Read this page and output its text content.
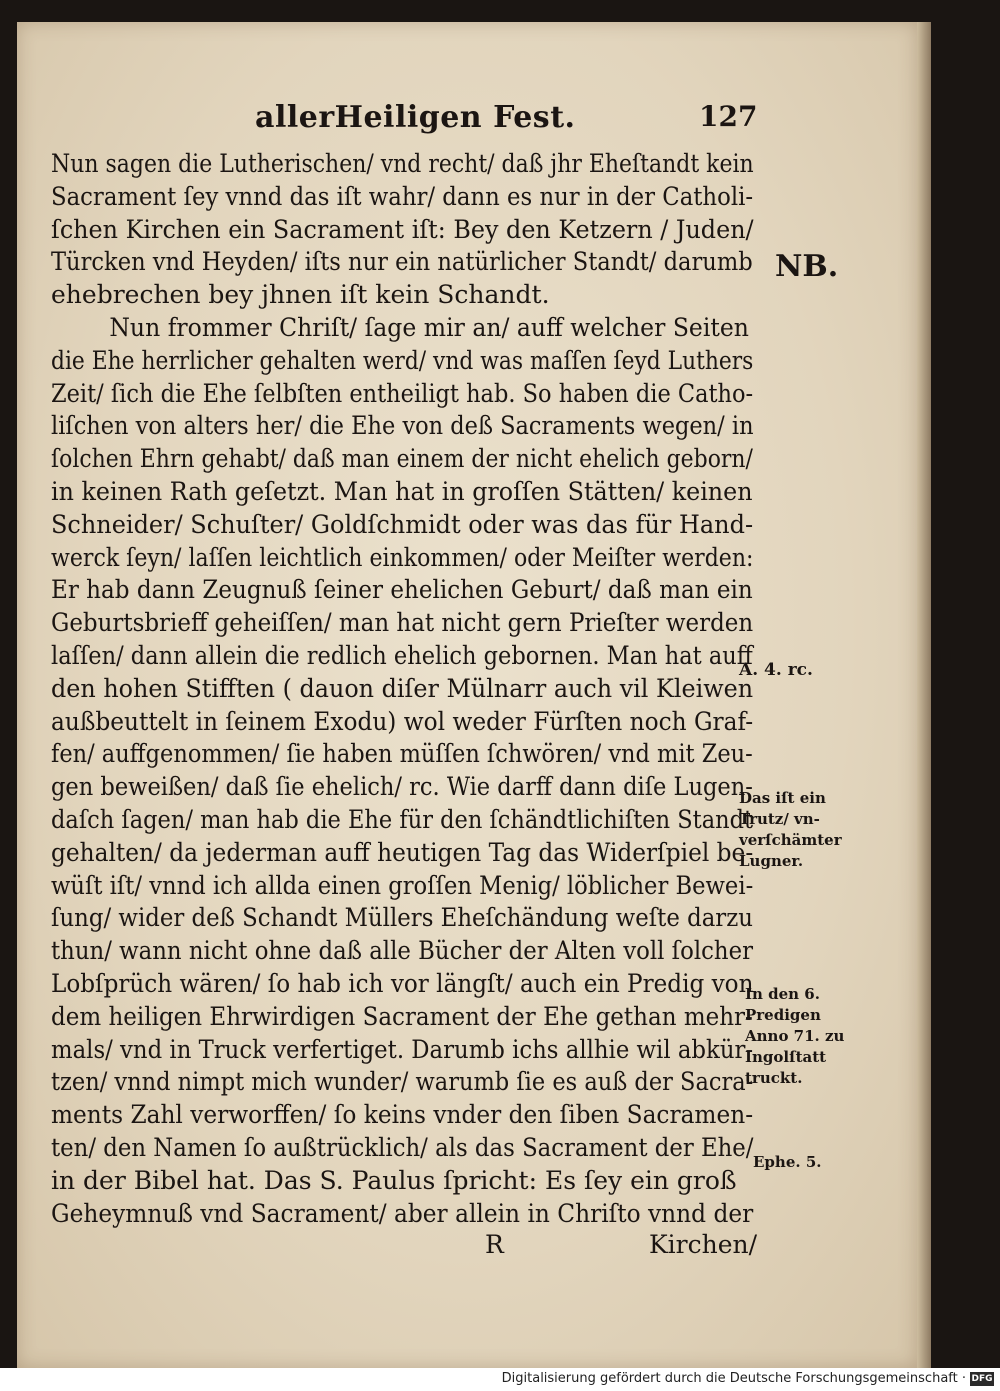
allerHeiligen Fest.	127
Nun sagen die Lutherischen/ vnd recht/ daß jhr Eheſtandt kein
Sacrament ſey vnnd das iſt wahr/ dann es nur in der Catholi-
ſchen Kirchen ein Sacrament iſt: Bey den Ketzern / Juden/
Türcken vnd Heyden/ iſts nur ein natürlicher Standt/ darumb
ehebrechen bey jhnen iſt kein Schandt.
Nun frommer Chriſt/ ſage mir an/ auff welcher Seiten
die Ehe herrlicher gehalten werd/ vnd was maſſen ſeyd Luthers
Zeit/ ſich die Ehe ſelbſten entheiligt hab. So haben die Catho-
liſchen von alters her/ die Ehe von deß Sacraments wegen/ in
ſolchen Ehrn gehabt/ daß man einem der nicht ehelich geborn/
in keinen Rath geſetzt. Man hat in groſſen Stätten/ keinen
Schneider/ Schuſter/ Goldſchmidt oder was das für Hand-
werck ſeyn/ laſſen leichtlich einkommen/ oder Meiſter werden:
Er hab dann Zeugnuß ſeiner ehelichen Geburt/ daß man ein
Geburtsbrieff geheiſſen/ man hat nicht gern Prieſter werden
laſſen/ dann allein die redlich ehelich gebornen. Man hat auff
den hohen Stifften ( dauon diſer Mülnarr auch vil Kleiwen
außbeuttelt in ſeinem Exodu) wol weder Fürſten noch Graf-
fen/ auffgenommen/ ſie haben müſſen ſchwören/ vnd mit Zeu-
gen beweißen/ daß ſie ehelich/ rc. Wie darff dann diſe Lugen-
daſch ſagen/ man hab die Ehe für den ſchändtlichiſten Standt
gehalten/ da jederman auff heutigen Tag das Widerſpiel be-
wüſt iſt/ vnnd ich allda einen groſſen Menig/ löblicher Bewei-
ſung/ wider deß Schandt Müllers Eheſchändung weſte darzu
thun/ wann nicht ohne daß alle Bücher der Alten voll ſolcher
Lobſprüch wären/ ſo hab ich vor längſt/ auch ein Predig von
dem heiligen Ehrwirdigen Sacrament der Ehe gethan mehr-
mals/ vnd in Truck verfertiget. Darumb ichs allhie wil abkür-
tzen/ vnnd nimpt mich wunder/ warumb ſie es auß der Sacra-
ments Zahl verworffen/ ſo keins vnder den ſiben Sacramen-
ten/ den Namen ſo außtrücklich/ als das Sacrament der Ehe/
in der Bibel hat. Das S. Paulus ſpricht: Es ſey ein groß
Geheymnuß vnd Sacrament/ aber allein in Chriſto vnnd der
NB.
A. 4. rc.
Das iſt ein
Trutz/ vn-
verſchämter
Lugner.
In den 6.
Predigen
Anno 71. zu
Ingolſtatt
truckt.
Ephe. 5.
R	Kirchen/
Digitalisierung gefördert durch die Deutsche Forschungsgemeinschaft · DFG
